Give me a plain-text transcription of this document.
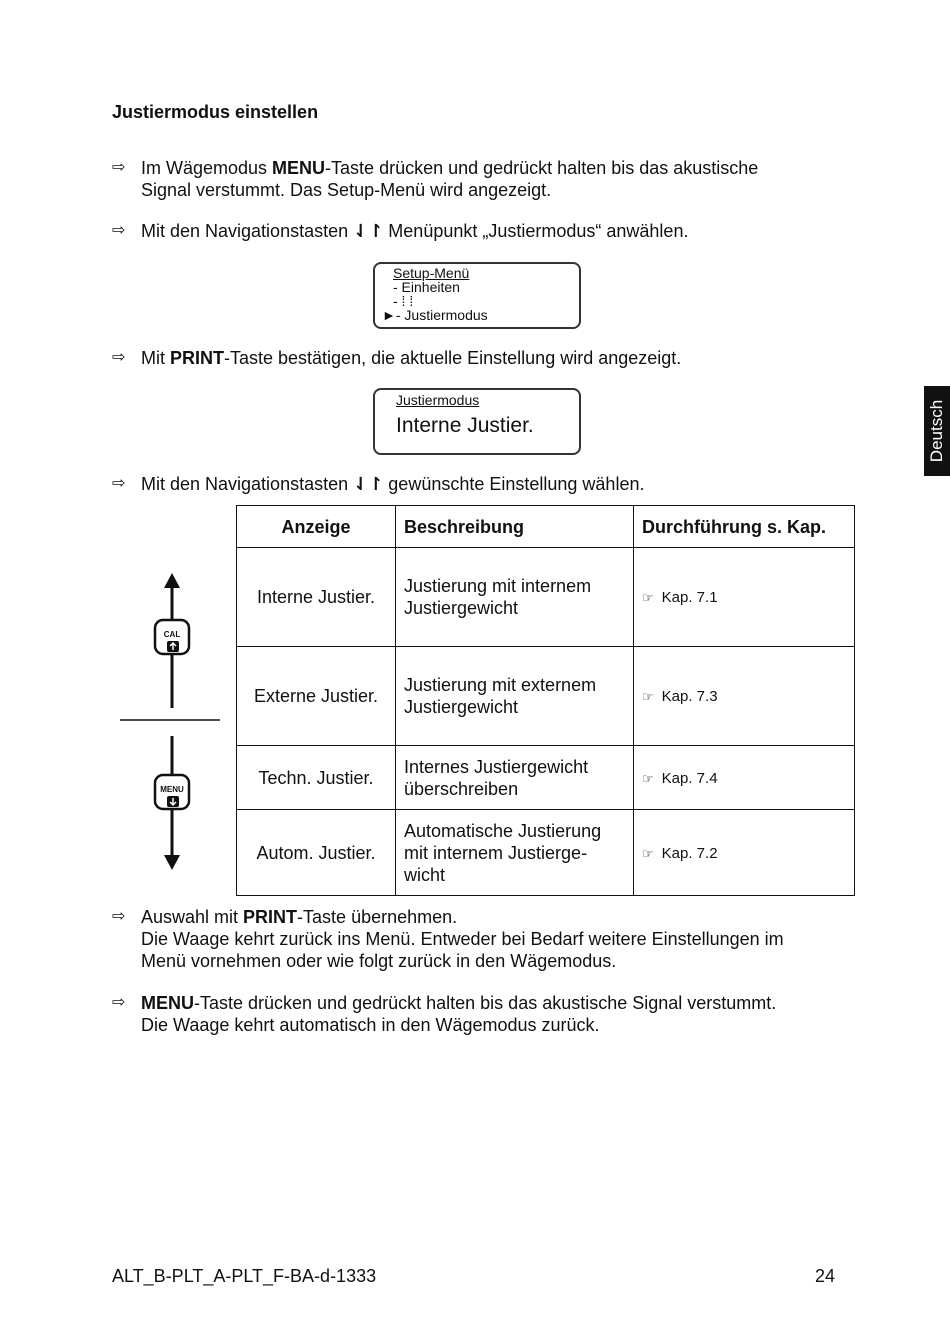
Justiermodus einstellen
⇨ Im Wägemodus MENU-Taste drücken und gedrückt halten bis das akustische
Signal verstummt. Das Setup-Menü wird angezeigt.
⇨ Mit den Navigationstasten ⇃↾ Menüpunkt „Justiermodus“ anwählen.
Setup-Menü
- Einheiten
- ⁞ ⁞
►- Justiermodus
⇨ Mit PRINT-Taste bestätigen, die aktuelle Einstellung wird angezeigt.
Justiermodus
Interne Justier.	Deutsch
⇨ Mit den Navigationstasten ⇃↾ gewünschte Einstellung wählen.
CAL
MENU
Anzeige	Beschreibung	Durchführung s. Kap.
Interne Justier.	Justierung mit internem
Justiergewicht	☞ Kap. 7.1
Externe Justier.	Justierung mit externem
Justiergewicht	☞ Kap. 7.3
Techn. Justier.	Internes Justiergewicht
überschreiben	☞ Kap. 7.4
Autom. Justier.	Automatische Justierung
mit internem Justierge-
wicht	☞ Kap. 7.2
⇨ Auswahl mit PRINT-Taste übernehmen.
Die Waage kehrt zurück ins Menü. Entweder bei Bedarf weitere Einstellungen im
Menü vornehmen oder wie folgt zurück in den Wägemodus.
⇨ MENU-Taste drücken und gedrückt halten bis das akustische Signal verstummt.
Die Waage kehrt automatisch in den Wägemodus zurück.
ALT_B-PLT_A-PLT_F-BA-d-1333	24
